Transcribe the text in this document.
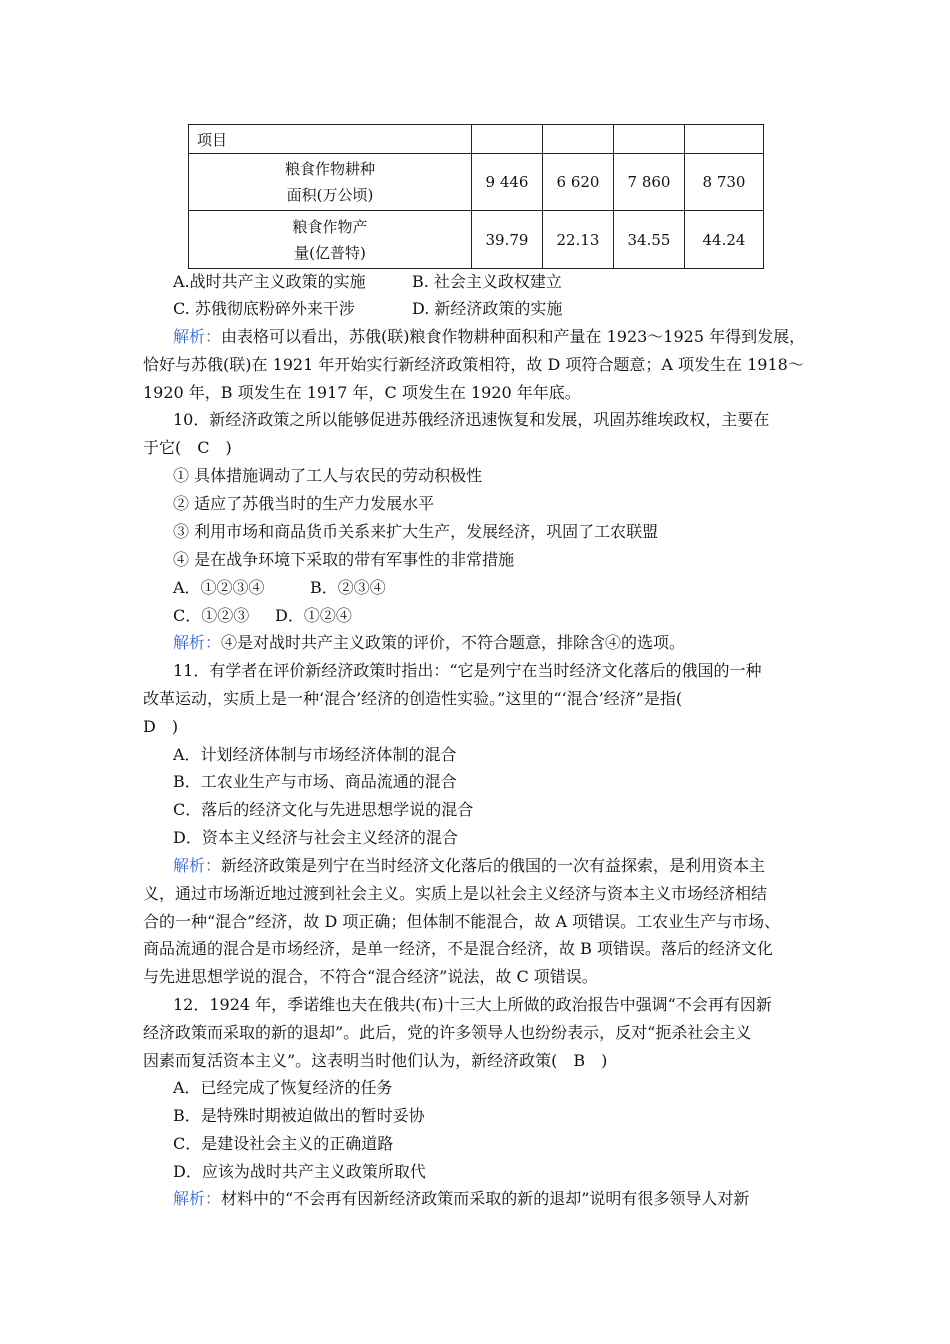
项目				

粮食作物耕种
面积(万公顷)	9 446	6 620	7 860	8 730

粮食作物产
量(亿普特)	39.79	22.13	34.55	44.24
A.战时共产主义政策的实施	B. 社会主义政权建立
C. 苏俄彻底粉碎外来干涉	D. 新经济政策的实施
解析：由表格可以看出，苏俄(联)粮食作物耕种面积和产量在 1923～1925 年得到发展，
恰好与苏俄(联)在 1921 年开始实行新经济政策相符，故 D 项符合题意；A 项发生在 1918～
1920 年，B 项发生在 1917 年，C 项发生在 1920 年年底。
10．新经济政策之所以能够促进苏俄经济迅速恢复和发展，巩固苏维埃政权，主要在
于它(　C　)
① 具体措施调动了工人与农民的劳动积极性
② 适应了苏俄当时的生产力发展水平
③ 利用市场和商品货币关系来扩大生产，发展经济，巩固了工农联盟
④ 是在战争环境下采取的带有军事性的非常措施
A．①②③④	B．②③④
C．①②③ D．①②④
解析：④是对战时共产主义政策的评价，不符合题意，排除含④的选项。
11．有学者在评价新经济政策时指出：“它是列宁在当时经济文化落后的俄国的一种
改革运动，实质上是一种‘混合’经济的创造性实验。”这里的“‘混合’经济”是指(
D　)
A．计划经济体制与市场经济体制的混合
B．工农业生产与市场、商品流通的混合
C．落后的经济文化与先进思想学说的混合
D．资本主义经济与社会主义经济的混合
解析：新经济政策是列宁在当时经济文化落后的俄国的一次有益探索，是利用资本主
义，通过市场渐近地过渡到社会主义。实质上是以社会主义经济与资本主义市场经济相结
合的一种“混合”经济，故 D 项正确；但体制不能混合，故 A 项错误。工农业生产与市场、
商品流通的混合是市场经济，是单一经济，不是混合经济，故 B 项错误。落后的经济文化
与先进思想学说的混合，不符合“混合经济”说法，故 C 项错误。
12．1924 年，季诺维也夫在俄共(布)十三大上所做的政治报告中强调“不会再有因新
经济政策而采取的新的退却”。此后，党的许多领导人也纷纷表示，反对“扼杀社会主义
因素而复活资本主义”。这表明当时他们认为，新经济政策(　B　)
A．已经完成了恢复经济的任务
B．是特殊时期被迫做出的暂时妥协
C．是建设社会主义的正确道路
D．应该为战时共产主义政策所取代
解析：材料中的“不会再有因新经济政策而采取的新的退却”说明有很多领导人对新
